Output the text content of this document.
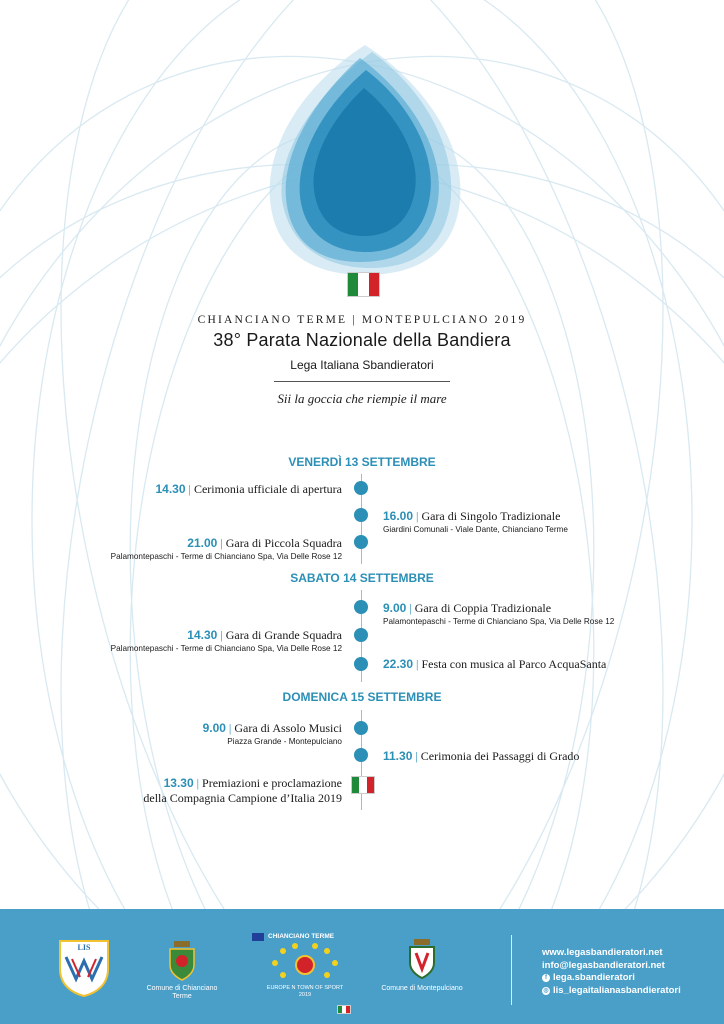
CHIANCIANO TERME | MONTEPULCIANO 2019
38° Parata Nazionale della Bandiera
Lega Italiana Sbandieratori
Sii la goccia che riempie il mare
VENERDÌ 13 SETTEMBRE
14.30 | Cerimonia ufficiale di apertura
16.00 | Gara di Singolo Tradizionale
Giardini Comunali - Viale Dante, Chianciano Terme
21.00 | Gara di Piccola Squadra
Palamontepaschi - Terme di Chianciano Spa, Via Delle Rose 12
SABATO 14 SETTEMBRE
9.00 | Gara di Coppia Tradizionale
Palamontepaschi - Terme di Chianciano Spa, Via Delle Rose 12
14.30 | Gara di Grande Squadra
Palamontepaschi - Terme di Chianciano Spa, Via Delle Rose 12
22.30 | Festa con musica al Parco AcquaSanta
DOMENICA 15 SETTEMBRE
9.00 | Gara di Assolo Musici
Piazza Grande - Montepulciano
11.30 | Cerimonia dei Passaggi di Grado
13.30 | Premiazioni e proclamazione
della Compagnia Campione d’Italia 2019
LIS
Comune di Chianciano Terme
CHIANCIANO TERME
EUROPE N TOWN OF SPORT
2019
Comune di Montepulciano
www.legasbandieratori.net
info@legasbandieratori.net
f lega.sbandieratori
◎ lis_legaitalianasbandieratori
